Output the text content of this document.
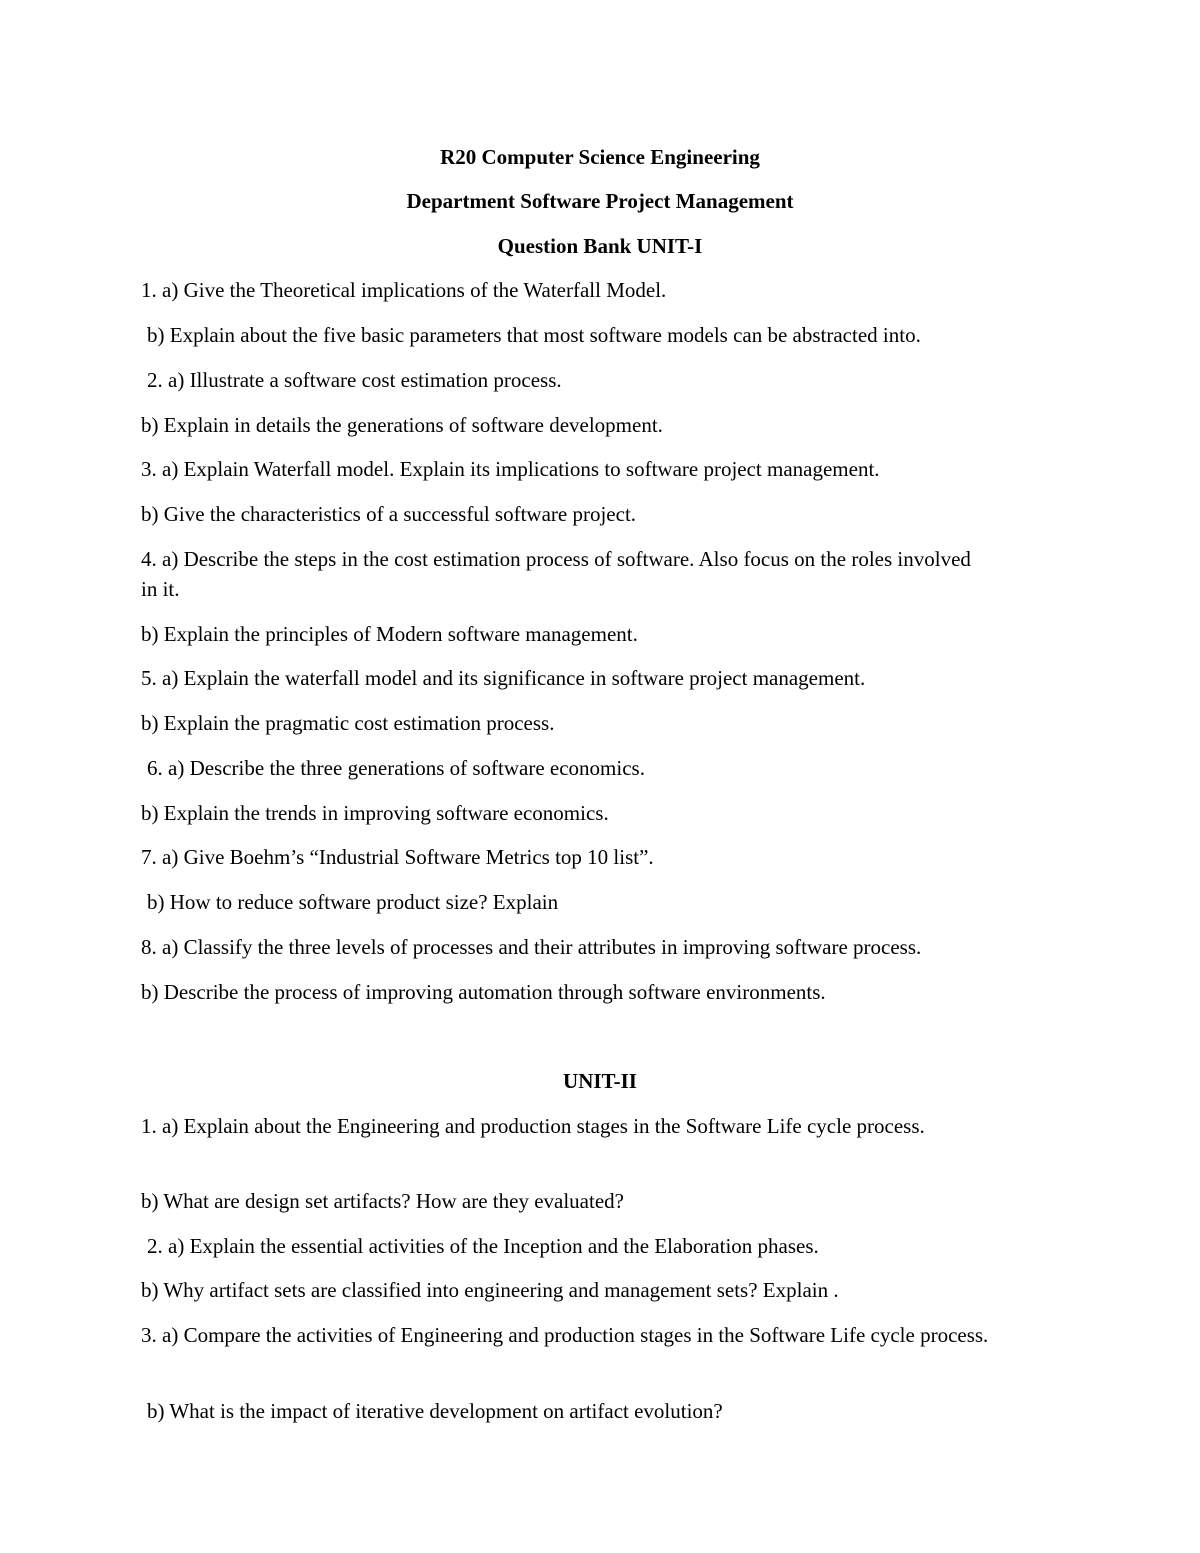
R20 Computer Science Engineering
Department Software Project Management
Question Bank UNIT-I
1. a) Give the Theoretical implications of the Waterfall Model.
b) Explain about the five basic parameters that most software models can be abstracted into.
2. a) Illustrate a software cost estimation process.
b) Explain in details the generations of software development.
3. a) Explain Waterfall model. Explain its implications to software project management.
b) Give the characteristics of a successful software project.
4. a) Describe the steps in the cost estimation process of software. Also focus on the roles involved in it.
b) Explain the principles of Modern software management.
5. a) Explain the waterfall model and its significance in software project management.
b) Explain the pragmatic cost estimation process.
6. a) Describe the three generations of software economics.
b) Explain the trends in improving software economics.
7. a) Give Boehm’s “Industrial Software Metrics top 10 list”.
b) How to reduce software product size? Explain
8. a) Classify the three levels of processes and their attributes in improving software process.
b) Describe the process of improving automation through software environments.
UNIT-II
1. a) Explain about the Engineering and production stages in the Software Life cycle process.
b) What are design set artifacts? How are they evaluated?
2. a) Explain the essential activities of the Inception and the Elaboration phases.
b) Why artifact sets are classified into engineering and management sets? Explain .
3. a) Compare the activities of Engineering and production stages in the Software Life cycle process.
b) What is the impact of iterative development on artifact evolution?
